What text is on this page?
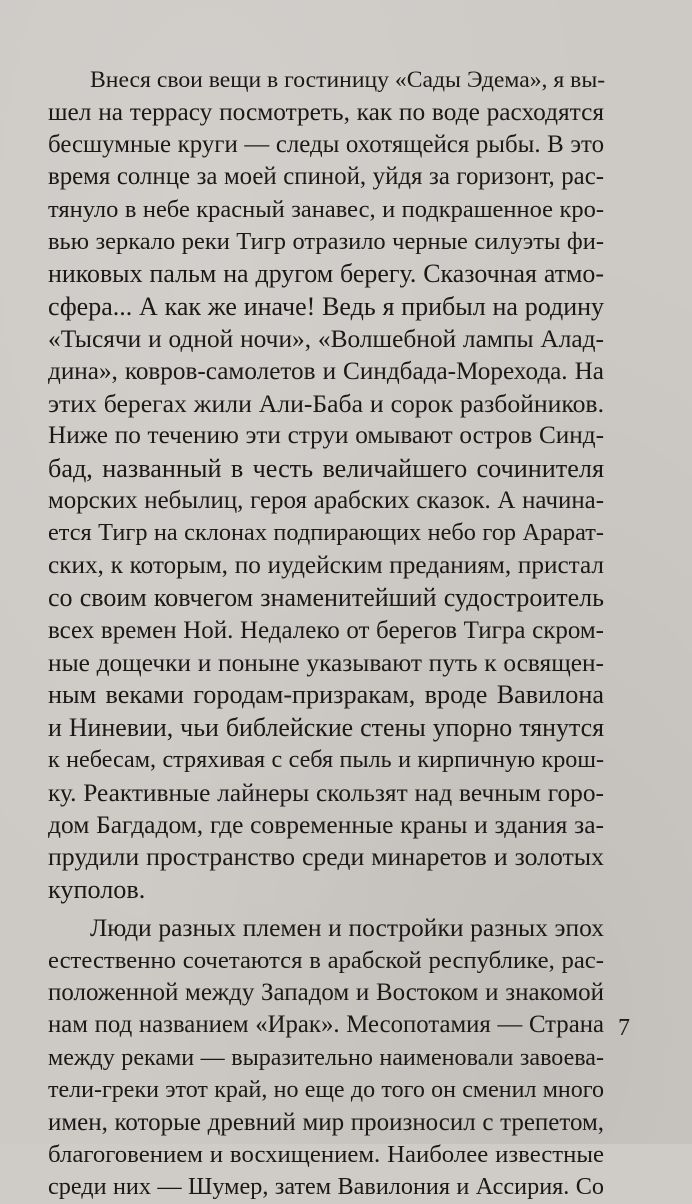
Внеся свои вещи в гостиницу «Сады Эдема», я вы-
шел на террасу посмотреть, как по воде расходятся
бесшумные круги — следы охотящейся рыбы. В это
время солнце за моей спиной, уйдя за горизонт, рас-
тянуло в небе красный занавес, и подкрашенное кро-
вью зеркало реки Тигр отразило черные силуэты фи-
никовых пальм на другом берегу. Сказочная атмо-
сфера... А как же иначе! Ведь я прибыл на родину
«Тысячи и одной ночи», «Волшебной лампы Алад-
дина», ковров-самолетов и Синдбада-Морехода. На
этих берегах жили Али-Баба и сорок разбойников.
Ниже по течению эти струи омывают остров Синд-
бад, названный в честь величайшего сочинителя
морских небылиц, героя арабских сказок. А начина-
ется Тигр на склонах подпирающих небо гор Арарат-
ских, к которым, по иудейским преданиям, пристал
со своим ковчегом знаменитейший судостроитель
всех времен Ной. Недалеко от берегов Тигра скром-
ные дощечки и поныне указывают путь к освящен-
ным веками городам-призракам, вроде Вавилона
и Ниневии, чьи библейские стены упорно тянутся
к небесам, стряхивая с себя пыль и кирпичную крош-
ку. Реактивные лайнеры скользят над вечным горо-
дом Багдадом, где современные краны и здания за-
прудили пространство среди минаретов и золотых
куполов.
Люди разных племен и постройки разных эпох
естественно сочетаются в арабской республике, рас-
положенной между Западом и Востоком и знакомой
нам под названием «Ирак». Месопотамия — Страна
между реками — выразительно наименовали завоева-
тели-греки этот край, но еще до того он сменил много
имен, которые древний мир произносил с трепетом,
благоговением и восхищением. Наиболее известные
среди них — Шумер, затем Вавилония и Ассирия. Со
7
